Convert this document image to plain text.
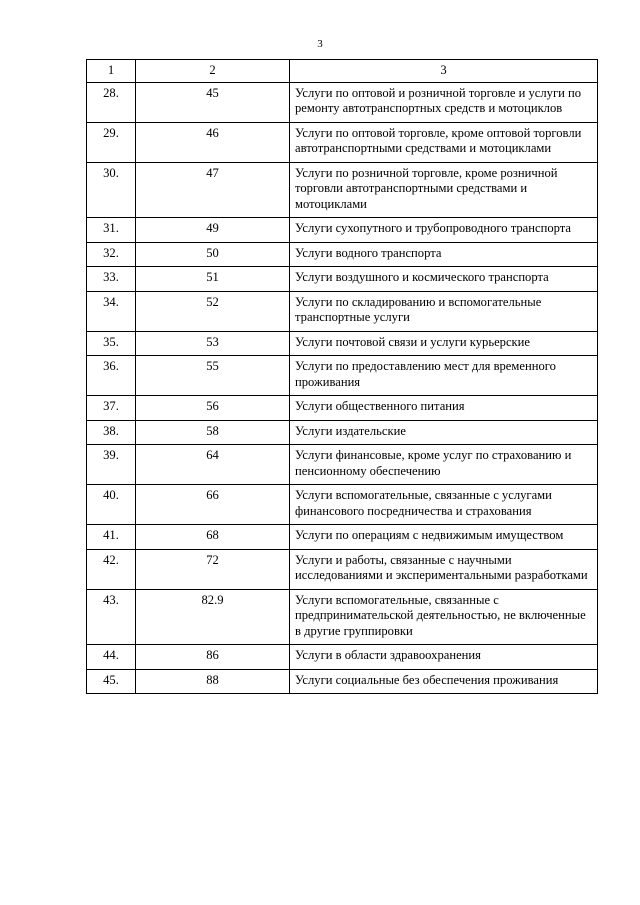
3
1	2	3
28.	45	Услуги по оптовой и розничной торговле и услуги по ремонту автотранспортных средств и мотоциклов
29.	46	Услуги по оптовой торговле, кроме оптовой торговли автотранспортными средствами и мотоциклами
30.	47	Услуги по розничной торговле, кроме розничной торговли автотранспортными средствами и мотоциклами
31.	49	Услуги сухопутного и трубопроводного транспорта
32.	50	Услуги водного транспорта
33.	51	Услуги воздушного и космического транспорта
34.	52	Услуги по складированию и вспомогательные транспортные услуги
35.	53	Услуги почтовой связи и услуги курьерские
36.	55	Услуги по предоставлению мест для временного проживания
37.	56	Услуги общественного питания
38.	58	Услуги издательские
39.	64	Услуги финансовые, кроме услуг по страхованию и пенсионному обеспечению
40.	66	Услуги вспомогательные, связанные с услугами финансового посредничества и страхования
41.	68	Услуги по операциям с недвижимым имуществом
42.	72	Услуги и работы, связанные с научными исследованиями и экспериментальными разработками
43.	82.9	Услуги вспомогательные, связанные с предпринимательской деятельностью, не включенные в другие группировки
44.	86	Услуги в области здравоохранения
45.	88	Услуги социальные без обеспечения проживания
